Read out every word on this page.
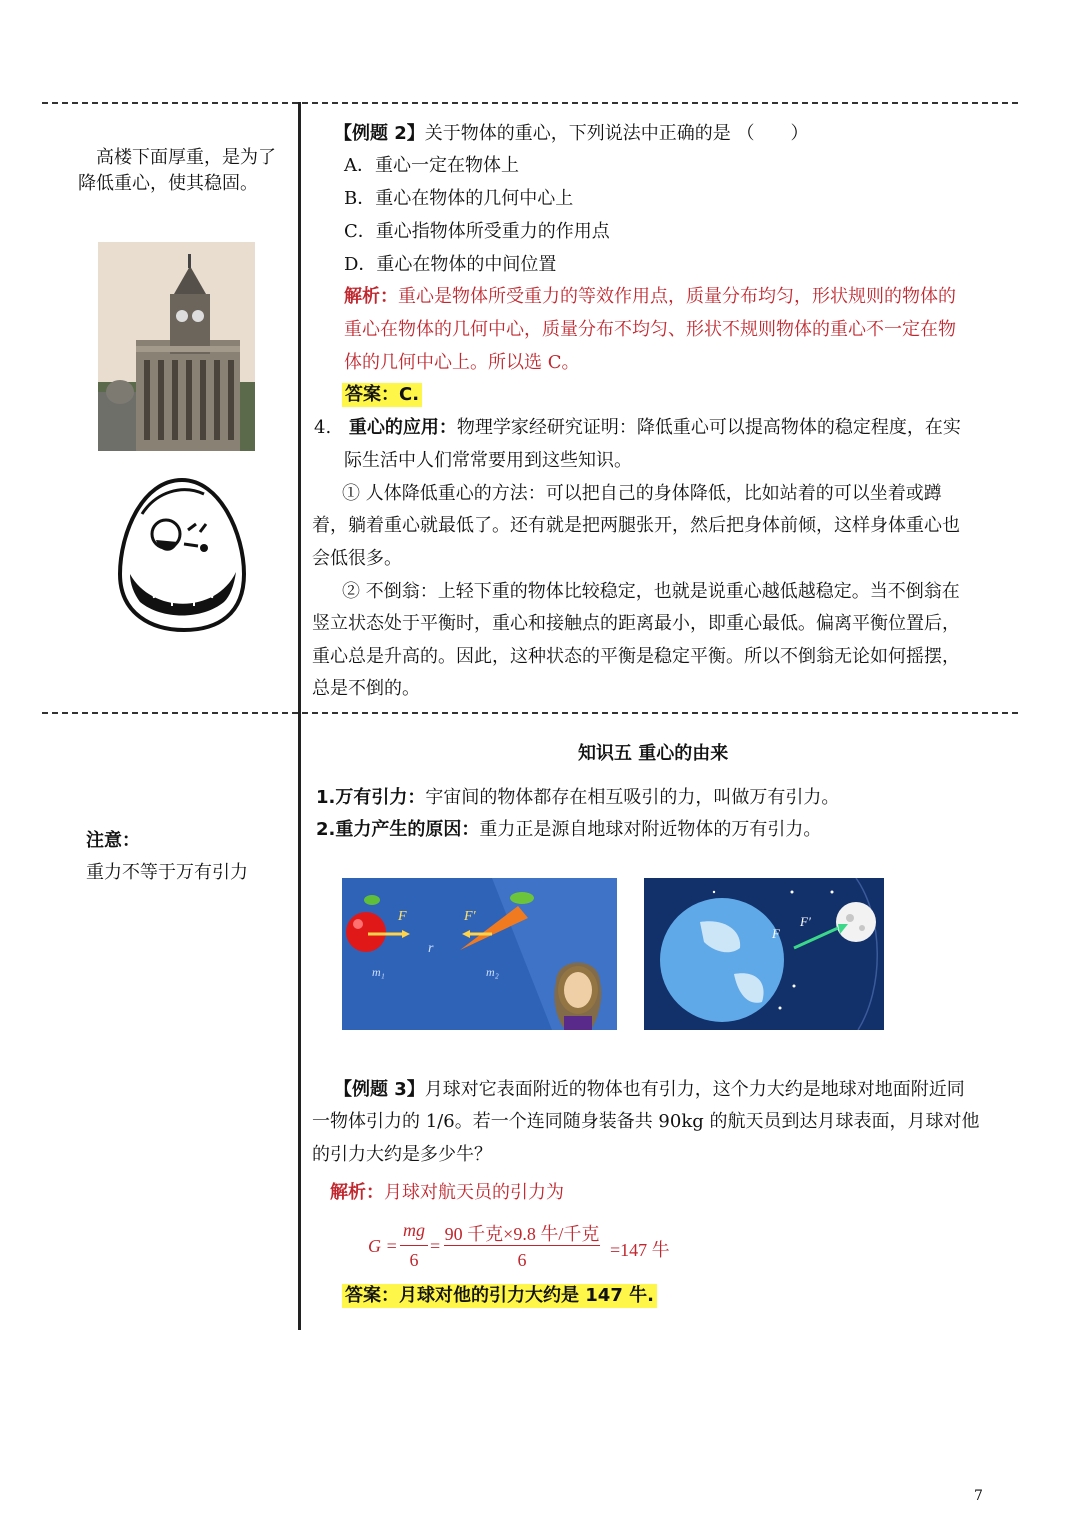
高楼下面厚重，是为了
降低重心，使其稳固。
【例题 2】关于物体的重心，下列说法中正确的是 （　　）
A．重心一定在物体上
B．重心在物体的几何中心上
C．重心指物体所受重力的作用点
D．重心在物体的中间位置
解析：重心是物体所受重力的等效作用点，质量分布均匀，形状规则的物体的
重心在物体的几何中心，质量分布不均匀、形状不规则物体的重心不一定在物
体的几何中心上。所以选 C。
答案：C.
4. 重心的应用：物理学家经研究证明：降低重心可以提高物体的稳定程度，在实
际生活中人们常常要用到这些知识。
① 人体降低重心的方法：可以把自己的身体降低，比如站着的可以坐着或蹲
着，躺着重心就最低了。还有就是把两腿张开，然后把身体前倾，这样身体重心也
会低很多。
② 不倒翁：上轻下重的物体比较稳定，也就是说重心越低越稳定。当不倒翁在
竖立状态处于平衡时，重心和接触点的距离最小，即重心最低。偏离平衡位置后，
重心总是升高的。因此，这种状态的平衡是稳定平衡。所以不倒翁无论如何摇摆，
总是不倒的。
注意：
重力不等于万有引力
知识五 重心的由来
1.万有引力：宇宙间的物体都存在相互吸引的力，叫做万有引力。
2.重力产生的原因：重力正是源自地球对附近物体的万有引力。
F	F′
r
m₁	m₂
F
F′
【例题 3】月球对它表面附近的物体也有引力，这个力大约是地球对地面附近同
一物体引力的 1/6。若一个连同随身装备共 90kg 的航天员到达月球表面，月球对他
的引力大约是多少牛？
解析：月球对航天员的引力为
G =
mg
6
=
90 千克×9.8 牛/千克
6	=147 牛
答案：月球对他的引力大约是 147 牛.
7
